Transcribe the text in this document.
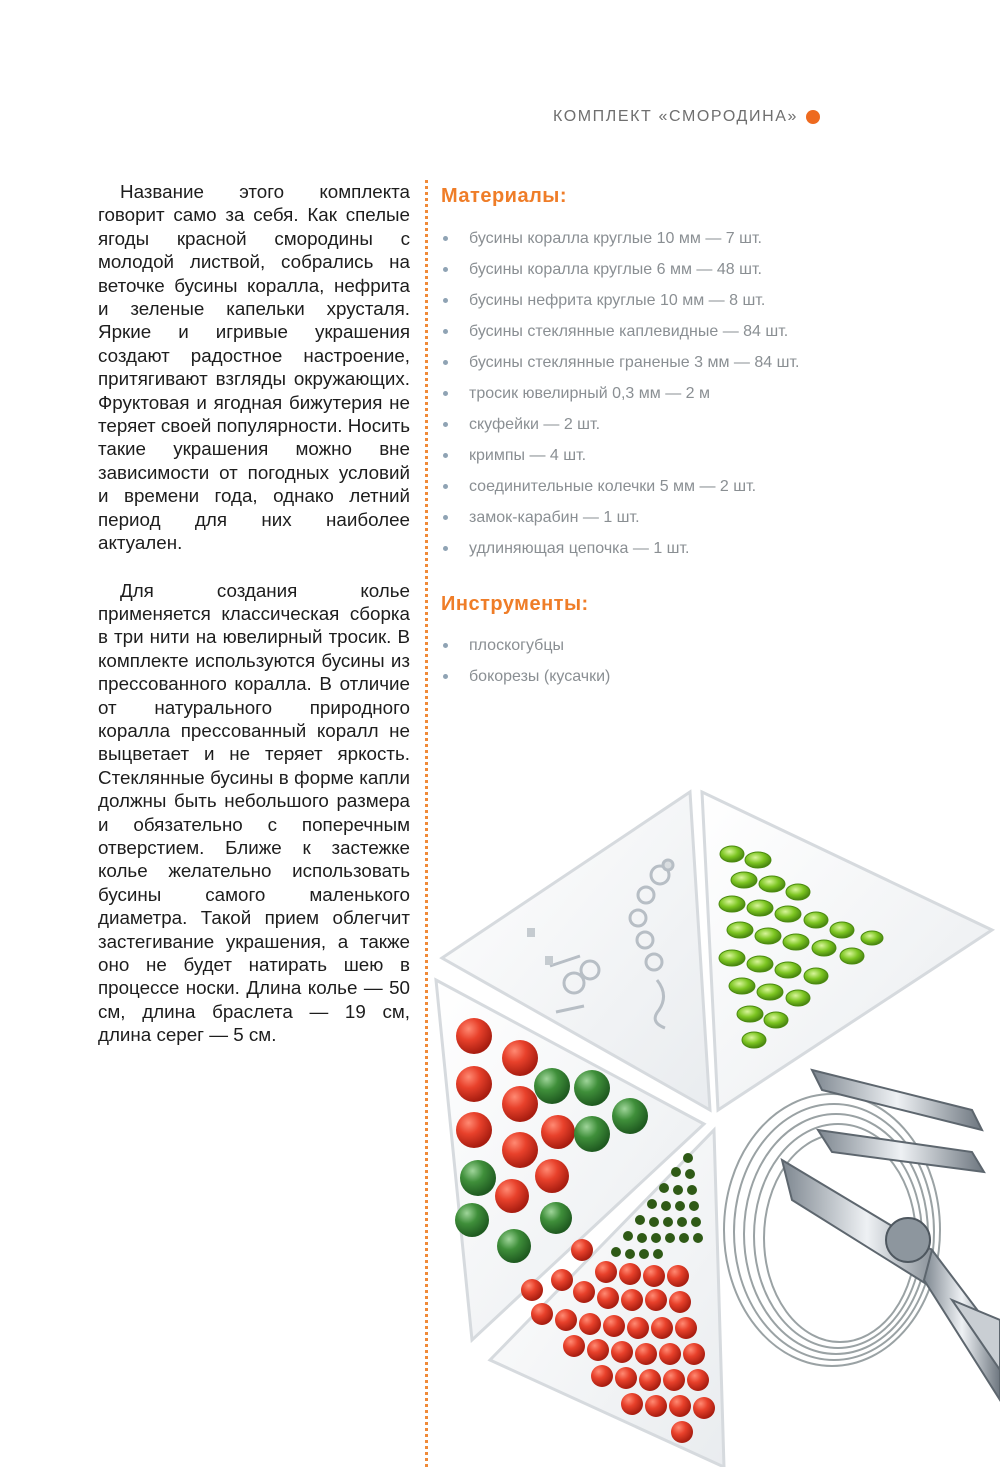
КОМПЛЕКТ «СМОРОДИНА»

Название этого комплекта говорит само за себя. Как спелые ягоды красной смородины с молодой листвой, собрались на веточке бусины коралла, нефрита и зеленые капельки хрусталя. Яркие и игривые украшения создают радостное настроение, притягивают взгляды окружающих. Фруктовая и ягодная бижутерия не теряет своей популярности. Носить такие украшения можно вне зависимости от погодных условий и времени года, однако летний период для них наиболее актуален.

Для создания колье применяется классическая сборка в три нити на ювелирный тросик. В комплекте используются бусины из прессованного коралла. В отличие от натурального природного коралла прессованный коралл не выцветает и не теряет яркость. Стеклянные бусины в форме капли должны быть небольшого размера и обязательно с поперечным отверстием. Ближе к застежке колье желательно использовать бусины самого маленького диаметра. Такой прием облегчит застегивание украшения, а также оно не будет натирать шею в процессе носки. Длина колье — 50 см, длина браслета — 19 см, длина серег — 5 см.

Материалы:
бусины коралла круглые 10 мм — 7 шт.
бусины коралла круглые 6 мм — 48 шт.
бусины нефрита круглые 10 мм — 8 шт.
бусины стеклянные каплевидные — 84 шт.
бусины стеклянные граненые 3 мм — 84 шт.
тросик ювелирный 0,3 мм — 2 м
скуфейки — 2 шт.
кримпы — 4 шт.
соединительные колечки 5 мм — 2 шт.
замок-карабин — 1 шт.
удлиняющая цепочка — 1 шт.
Инструменты:
плоскогубцы
бокорезы (кусачки)
